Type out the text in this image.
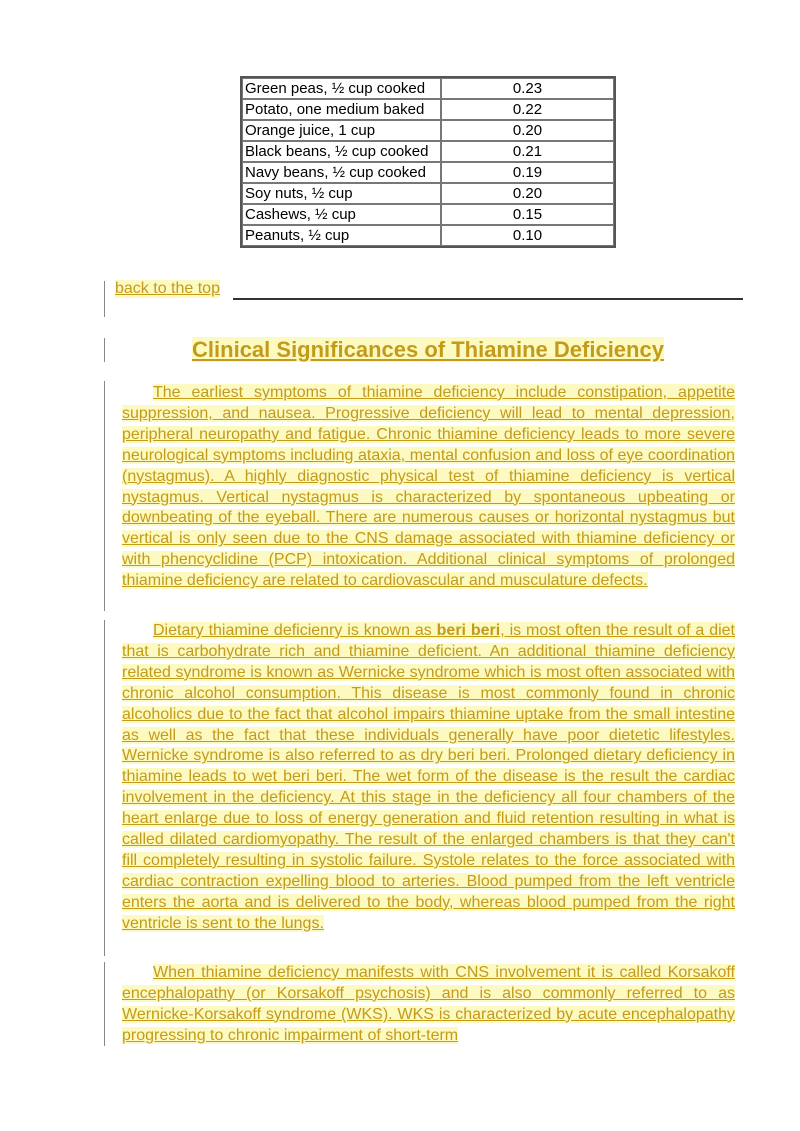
Green peas, ½ cup cooked	0.23
Potato, one medium baked	0.22
Orange juice, 1 cup	0.20
Black beans, ½ cup cooked	0.21
Navy beans, ½ cup cooked	0.19
Soy nuts, ½ cup	0.20
Cashews, ½ cup	0.15
Peanuts, ½ cup	0.10
back to the top
Clinical Significances of Thiamine Deficiency

The earliest symptoms of thiamine deficiency include constipation, appetite suppression, and nausea. Progressive deficiency will lead to mental depression, peripheral neuropathy and fatigue. Chronic thiamine deficiency leads to more severe neurological symptoms including ataxia, mental confusion and loss of eye coordination (nystagmus). A highly diagnostic physical test of thiamine deficiency is vertical nystagmus. Vertical nystagmus is characterized by spontaneous upbeating or downbeating of the eyeball. There are numerous causes or horizontal nystagmus but vertical is only seen due to the CNS damage associated with thiamine deficiency or with phencyclidine (PCP) intoxication. Additional clinical symptoms of prolonged thiamine deficiency are related to cardiovascular and musculature defects.

Dietary thiamine deficienry is known as beri beri, is most often the result of a diet that is carbohydrate rich and thiamine deficient. An additional thiamine deficiency related syndrome is known as Wernicke syndrome which is most often associated with chronic alcohol consumption. This disease is most commonly found in chronic alcoholics due to the fact that alcohol impairs thiamine uptake from the small intestine as well as the fact that these individuals generally have poor dietetic lifestyles. Wernicke syndrome is also referred to as dry beri beri. Prolonged dietary deficiency in thiamine leads to wet beri beri. The wet form of the disease is the result the cardiac involvement in the deficiency. At this stage in the deficiency all four chambers of the heart enlarge due to loss of energy generation and fluid retention resulting in what is called dilated cardiomyopathy. The result of the enlarged chambers is that they can't fill completely resulting in systolic failure. Systole relates to the force associated with cardiac contraction expelling blood to arteries. Blood pumped from the left ventricle enters the aorta and is delivered to the body, whereas blood pumped from the right ventricle is sent to the lungs.

When thiamine deficiency manifests with CNS involvement it is called Korsakoff encephalopathy (or Korsakoff psychosis) and is also commonly referred to as Wernicke-Korsakoff syndrome (WKS). WKS is characterized by acute encephalopathy progressing to chronic impairment of short-term
